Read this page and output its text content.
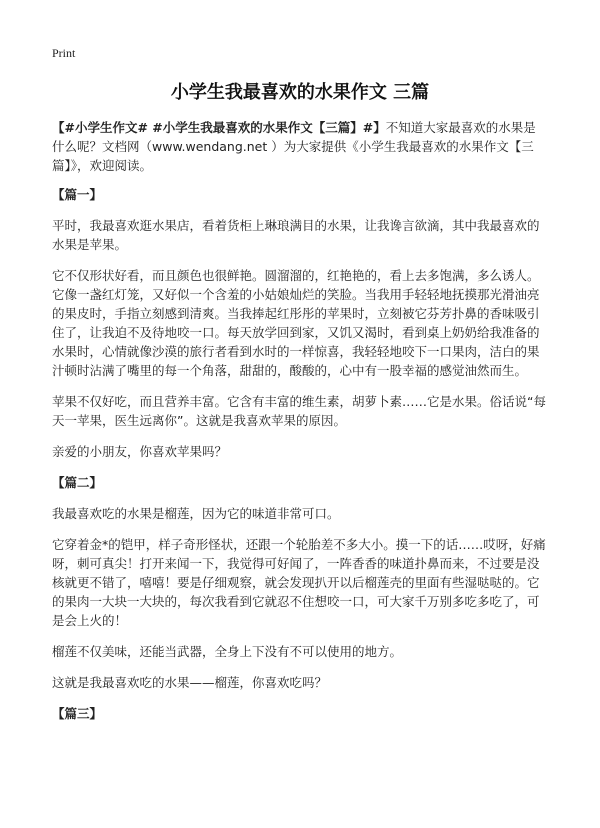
Print
小学生我最喜欢的水果作文 三篇

【#小学生作文# #小学生我最喜欢的水果作文【三篇】#】不知道大家最喜欢的水果是什么呢？文档网（www.wendang.net ）为大家提供《小学生我最喜欢的水果作文【三篇】》，欢迎阅读。

【篇一】

平时，我最喜欢逛水果店，看着货柜上琳琅满目的水果，让我谗言欲滴，其中我最喜欢的水果是苹果。

它不仅形状好看，而且颜色也很鲜艳。圆溜溜的，红艳艳的，看上去多饱满，多么诱人。它像一盏红灯笼，又好似一个含羞的小姑娘灿烂的笑脸。当我用手轻轻地抚摸那光滑油亮的果皮时，手指立刻感到清爽。当我捧起红彤彤的苹果时，立刻被它芬芳扑鼻的香味吸引住了，让我迫不及待地咬一口。每天放学回到家，又饥又渴时，看到桌上奶奶给我准备的水果时，心情就像沙漠的旅行者看到水时的一样惊喜，我轻轻地咬下一口果肉，洁白的果汁顿时沾满了嘴里的每一个角落，甜甜的，酸酸的，心中有一股幸福的感觉油然而生。

苹果不仅好吃，而且营养丰富。它含有丰富的维生素，胡萝卜素……它是水果。俗话说“每天一苹果，医生远离你”。这就是我喜欢苹果的原因。

亲爱的小朋友，你喜欢苹果吗？

【篇二】

我最喜欢吃的水果是榴莲，因为它的味道非常可口。

它穿着金*的铠甲，样子奇形怪状，还跟一个轮胎差不多大小。摸一下的话……哎呀，好痛呀，刺可真尖！打开来闻一下，我觉得可好闻了，一阵香香的味道扑鼻而来，不过要是没核就更不错了，嘻嘻！要是仔细观察，就会发现扒开以后榴莲壳的里面有些湿哒哒的。它的果肉一大块一大块的，每次我看到它就忍不住想咬一口，可大家千万别多吃多吃了，可是会上火的！

榴莲不仅美味，还能当武器，全身上下没有不可以使用的地方。

这就是我最喜欢吃的水果——榴莲，你喜欢吃吗？

【篇三】
